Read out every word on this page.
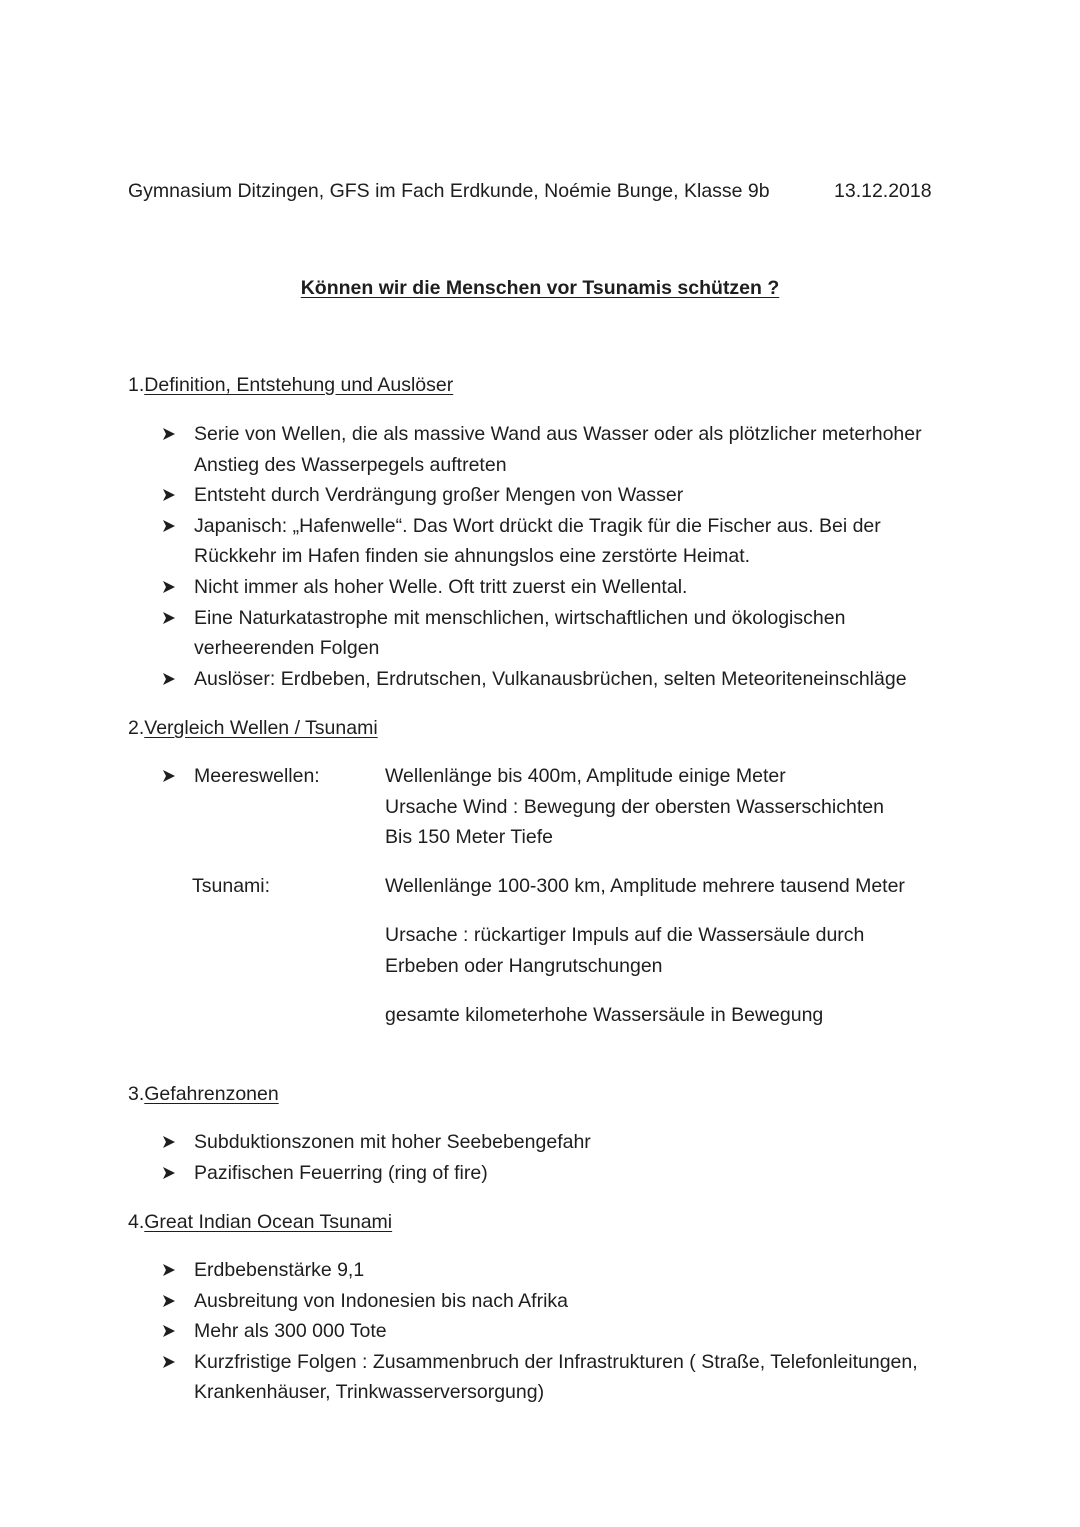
Gymnasium Ditzingen, GFS im Fach Erdkunde, Noémie Bunge, Klasse 9b	13.12.2018
Können wir die Menschen vor Tsunamis schützen ?
1.Definition, Entstehung und Auslöser
Serie von Wellen, die als massive Wand aus Wasser oder als plötzlicher meterhoher Anstieg des Wasserpegels auftreten
Entsteht durch Verdrängung großer Mengen von Wasser
Japanisch: „Hafenwelle“. Das Wort drückt die Tragik für die Fischer aus. Bei der Rückkehr im Hafen finden sie ahnungslos eine zerstörte Heimat.
Nicht immer als hoher Welle. Oft tritt zuerst ein Wellental.
Eine Naturkatastrophe mit menschlichen, wirtschaftlichen und ökologischen verheerenden Folgen
Auslöser: Erdbeben, Erdrutschen, Vulkanausbrüchen, selten Meteoriteneinschläge
2.Vergleich Wellen / Tsunami
Meereswellen:	Wellenlänge bis 400m, Amplitude einige Meter
Ursache Wind : Bewegung der obersten Wasserschichten
Bis 150 Meter Tiefe
Tsunami:	Wellenlänge 100-300 km, Amplitude mehrere tausend Meter
Ursache : rückartiger Impuls auf die Wassersäule durch
Erbeben oder Hangrutschungen
gesamte kilometerhohe Wassersäule in Bewegung
3.Gefahrenzonen
Subduktionszonen mit hoher Seebebengefahr
Pazifischen Feuerring (ring of fire)
4.Great Indian Ocean Tsunami
Erdbebenstärke 9,1
Ausbreitung von Indonesien bis nach Afrika
Mehr als 300 000 Tote
Kurzfristige Folgen : Zusammenbruch der Infrastrukturen ( Straße, Telefonleitungen, Krankenhäuser, Trinkwasserversorgung)
